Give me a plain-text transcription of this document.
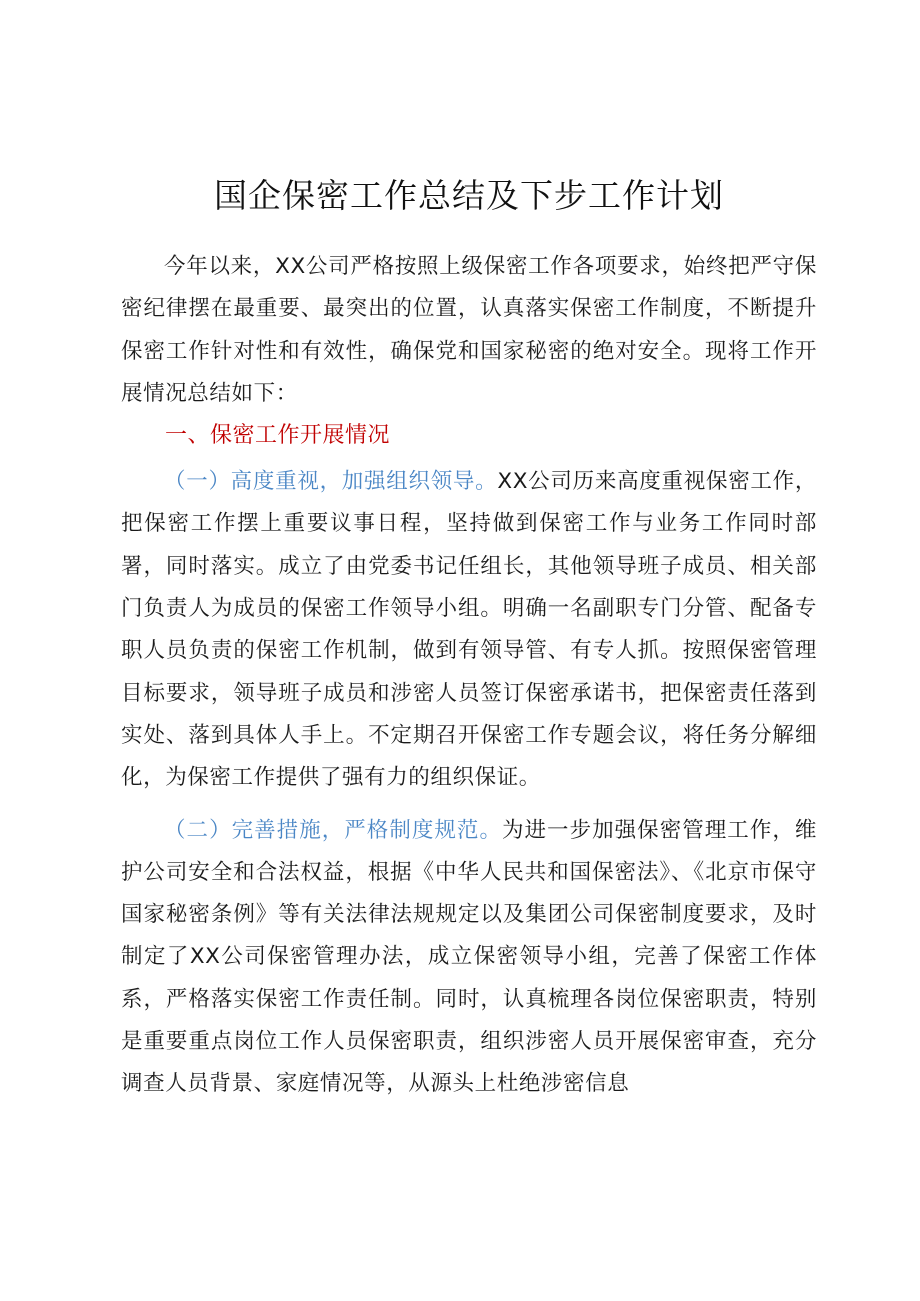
国企保密工作总结及下步工作计划

今年以来，XX公司严格按照上级保密工作各项要求，始终把严守保密纪律摆在最重要、最突出的位置，认真落实保密工作制度，不断提升保密工作针对性和有效性，确保党和国家秘密的绝对安全。现将工作开展情况总结如下：

一、保密工作开展情况

（一）高度重视，加强组织领导。XX公司历来高度重视保密工作，把保密工作摆上重要议事日程，坚持做到保密工作与业务工作同时部署，同时落实。成立了由党委书记任组长，其他领导班子成员、相关部门负责人为成员的保密工作领导小组。明确一名副职专门分管、配备专职人员负责的保密工作机制，做到有领导管、有专人抓。按照保密管理目标要求，领导班子成员和涉密人员签订保密承诺书，把保密责任落到实处、落到具体人手上。不定期召开保密工作专题会议，将任务分解细化，为保密工作提供了强有力的组织保证。

（二）完善措施，严格制度规范。为进一步加强保密管理工作，维护公司安全和合法权益，根据《中华人民共和国保密法》、《北京市保守国家秘密条例》等有关法律法规规定以及集团公司保密制度要求，及时制定了XX公司保密管理办法，成立保密领导小组，完善了保密工作体系，严格落实保密工作责任制。同时，认真梳理各岗位保密职责，特别是重要重点岗位工作人员保密职责，组织涉密人员开展保密审查，充分调查人员背景、家庭情况等，从源头上杜绝涉密信息
